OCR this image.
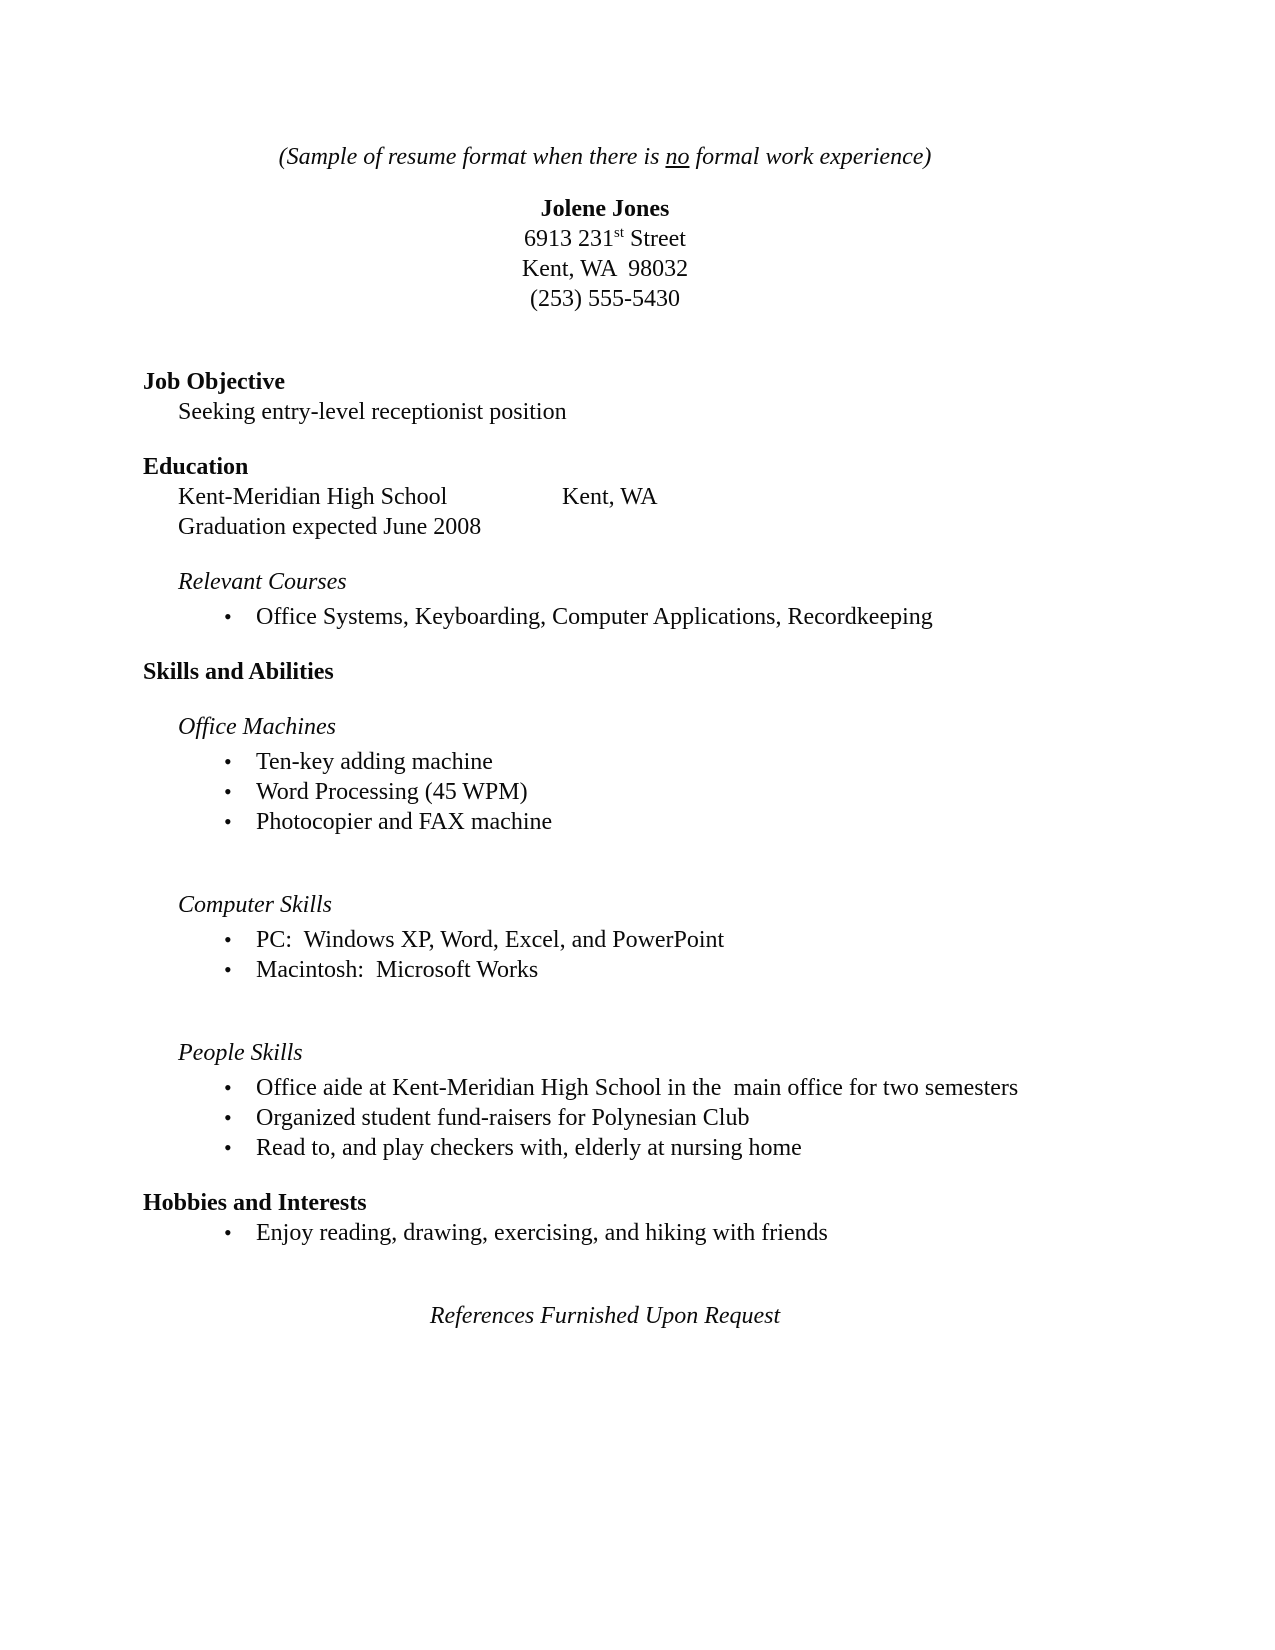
(Sample of resume format when there is no formal work experience)
Jolene Jones
6913 231st Street
Kent, WA  98032
(253) 555-5430
Job Objective
Seeking entry-level receptionist position
Education
Kent-Meridian High School	Kent, WA
Graduation expected June 2008
Relevant Courses
• Office Systems, Keyboarding, Computer Applications, Recordkeeping
Skills and Abilities
Office Machines
• Ten-key adding machine
• Word Processing (45 WPM)
• Photocopier and FAX machine
Computer Skills
• PC:  Windows XP, Word, Excel, and PowerPoint
• Macintosh:  Microsoft Works
People Skills
• Office aide at Kent-Meridian High School in the  main office for two semesters
• Organized student fund-raisers for Polynesian Club
• Read to, and play checkers with, elderly at nursing home
Hobbies and Interests
• Enjoy reading, drawing, exercising, and hiking with friends
References Furnished Upon Request
